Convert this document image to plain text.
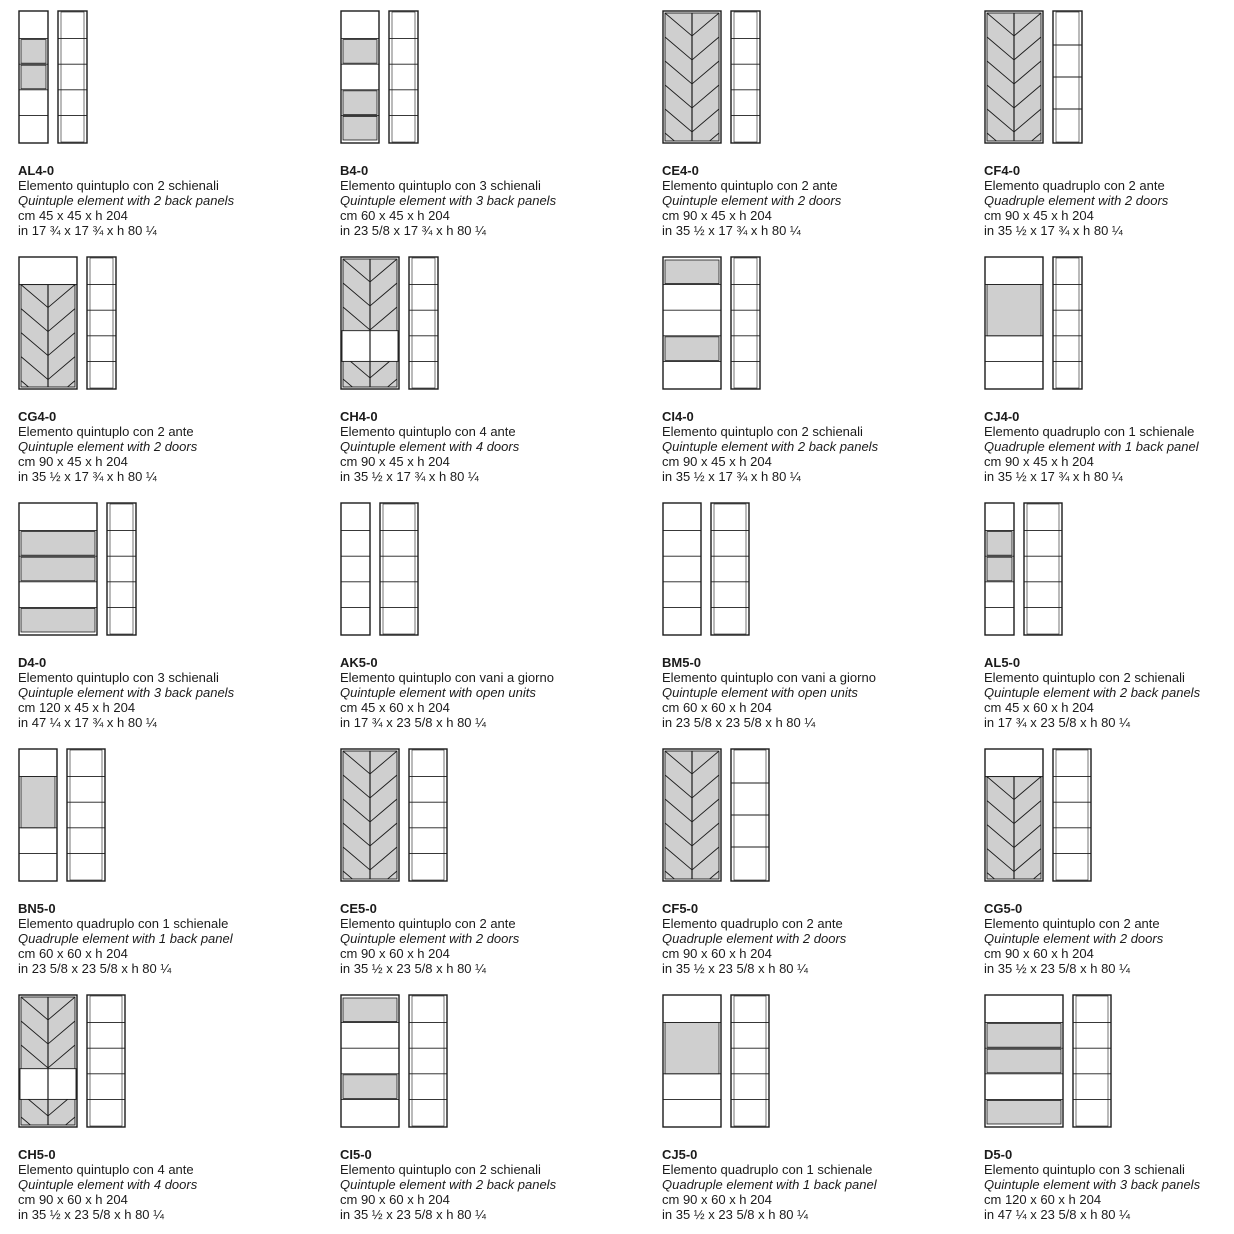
AL4-0
Elemento quintuplo con 2 schienali
Quintuple element with 2 back panels
cm 45 x 45 x h 204
in 17 ¾ x 17 ¾ x h 80 ¼
B4-0
Elemento quintuplo con 3 schienali
Quintuple element with 3 back panels
cm 60 x 45 x h 204
in 23 5/8 x 17 ¾ x h 80 ¼
CE4-0
Elemento quintuplo con 2 ante
Quintuple element with 2 doors
cm 90 x 45 x h 204
in 35 ½ x 17 ¾ x h 80 ¼
CF4-0
Elemento quadruplo con 2 ante
Quadruple element with 2 doors
cm 90 x 45 x h 204
in 35 ½ x 17 ¾ x h 80 ¼
CG4-0
Elemento quintuplo con 2 ante
Quintuple element with 2 doors
cm 90 x 45 x h 204
in 35 ½ x 17 ¾ x h 80 ¼
CH4-0
Elemento quintuplo con 4 ante
Quintuple element with 4 doors
cm 90 x 45 x h 204
in 35 ½ x 17 ¾ x h 80 ¼
CI4-0
Elemento quintuplo con 2 schienali
Quintuple element with 2 back panels
cm 90 x 45 x h 204
in 35 ½ x 17 ¾ x h 80 ¼
CJ4-0
Elemento quadruplo con 1 schienale
Quadruple element with 1 back panel
cm 90 x 45 x h 204
in 35 ½ x 17 ¾ x h 80 ¼
D4-0
Elemento quintuplo con 3 schienali
Quintuple element with 3 back panels
cm 120 x 45 x h 204
in 47 ¼ x 17 ¾ x h 80 ¼
AK5-0
Elemento quintuplo con vani a giorno
Quintuple element with open units
cm 45 x 60 x h 204
in 17 ¾ x 23 5/8 x h 80 ¼
BM5-0
Elemento quintuplo con vani a giorno
Quintuple element with open units
cm 60 x 60 x h 204
in 23 5/8 x 23 5/8 x h 80 ¼
AL5-0
Elemento quintuplo con 2 schienali
Quintuple element with 2 back panels
cm 45 x 60 x h 204
in 17 ¾ x 23 5/8 x h 80 ¼
BN5-0
Elemento quadruplo con 1 schienale
Quadruple element with 1 back panel
cm 60 x 60 x h 204
in 23 5/8 x 23 5/8 x h 80 ¼
CE5-0
Elemento quintuplo con 2 ante
Quintuple element with 2 doors
cm 90 x 60 x h 204
in 35 ½ x 23 5/8 x h 80 ¼
CF5-0
Elemento quadruplo con 2 ante
Quadruple element with 2 doors
cm 90 x 60 x h 204
in 35 ½ x 23 5/8 x h 80 ¼
CG5-0
Elemento quintuplo con 2 ante
Quintuple element with 2 doors
cm 90 x 60 x h 204
in 35 ½ x 23 5/8 x h 80 ¼
CH5-0
Elemento quintuplo con 4 ante
Quintuple element with 4 doors
cm 90 x 60 x h 204
in 35 ½ x 23 5/8 x h 80 ¼
CI5-0
Elemento quintuplo con 2 schienali
Quintuple element with 2 back panels
cm 90 x 60 x h 204
in 35 ½ x 23 5/8 x h 80 ¼
CJ5-0
Elemento quadruplo con 1 schienale
Quadruple element with 1 back panel
cm 90 x 60 x h 204
in 35 ½ x 23 5/8 x h 80 ¼
D5-0
Elemento quintuplo con 3 schienali
Quintuple element with 3 back panels
cm 120 x 60 x h 204
in 47 ¼ x 23 5/8 x h 80 ¼
